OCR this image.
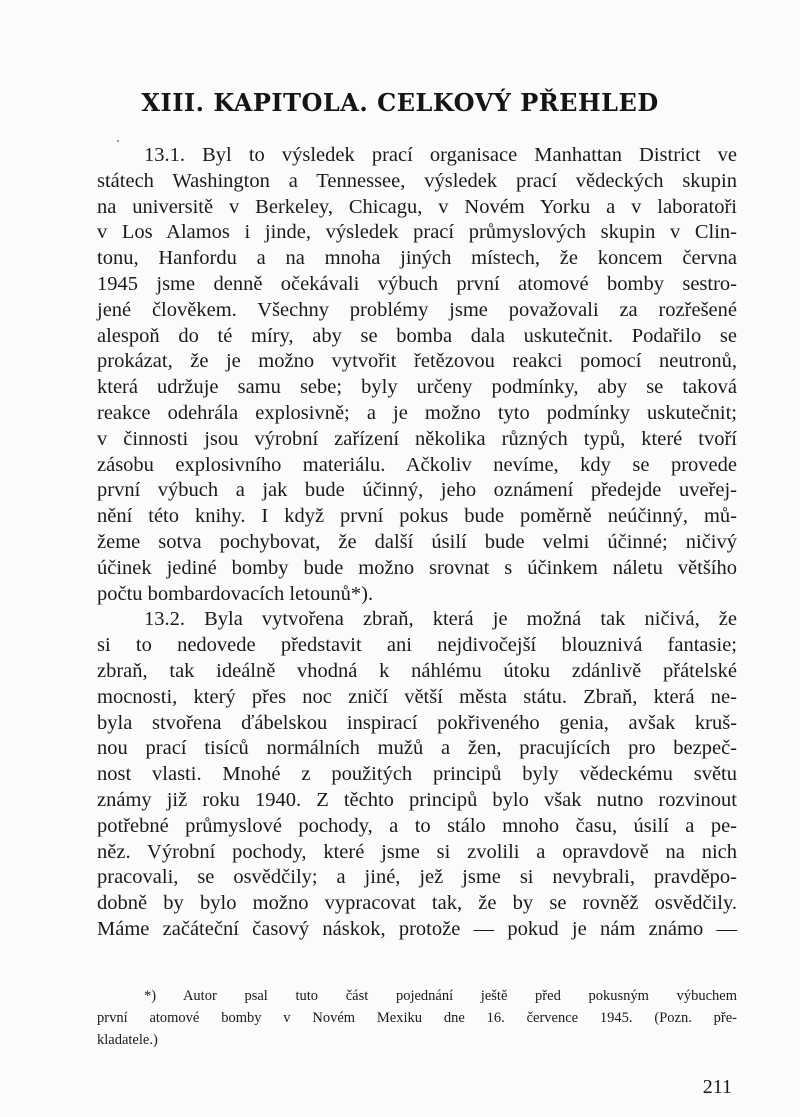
XIII. KAPITOLA. CELKOVÝ PŘEHLED

13.1. Byl to výsledek prací organisace Manhattan District ve
státech Washington a Tennessee, výsledek prací vědeckých skupin
na universitě v Berkeley, Chicagu, v Novém Yorku a v laboratoři
v Los Alamos i jinde, výsledek prací průmyslových skupin v Clin-
tonu, Hanfordu a na mnoha jiných místech, že koncem června
1945 jsme denně očekávali výbuch první atomové bomby sestro-
jené člověkem. Všechny problémy jsme považovali za rozřešené
alespoň do té míry, aby se bomba dala uskutečnit. Podařilo se
prokázat, že je možno vytvořit řetězovou reakci pomocí neutronů,
která udržuje samu sebe; byly určeny podmínky, aby se taková
reakce odehrála explosivně; a je možno tyto podmínky uskutečnit;
v činnosti jsou výrobní zařízení několika různých typů, které tvoří
zásobu explosivního materiálu. Ačkoliv nevíme, kdy se provede
první výbuch a jak bude účinný, jeho oznámení předejde uveřej-
nění této knihy. I když první pokus bude poměrně neúčinný, mů-
žeme sotva pochybovat, že další úsilí bude velmi účinné; ničivý
účinek jediné bomby bude možno srovnat s účinkem náletu většího
počtu bombardovacích letounů*).

13.2. Byla vytvořena zbraň, která je možná tak ničivá, že
si to nedovede představit ani nejdivočejší blouznivá fantasie;
zbraň, tak ideálně vhodná k náhlému útoku zdánlivě přátelské
mocnosti, který přes noc zničí větší města státu. Zbraň, která ne-
byla stvořena ďábelskou inspirací pokřiveného genia, avšak kruš-
nou prací tisíců normálních mužů a žen, pracujících pro bezpeč-
nost vlasti. Mnohé z použitých principů byly vědeckému světu
známy již roku 1940. Z těchto principů bylo však nutno rozvinout
potřebné průmyslové pochody, a to stálo mnoho času, úsilí a pe-
něz. Výrobní pochody, které jsme si zvolili a opravdově na nich
pracovali, se osvědčily; a jiné, jež jsme si nevybrali, pravděpo-
dobně by bylo možno vypracovat tak, že by se rovněž osvědčily.
Máme začáteční časový náskok, protože — pokud je nám známo —

*) Autor psal tuto část pojednání ještě před pokusným výbuchem
první atomové bomby v Novém Mexiku dne 16. července 1945. (Pozn. pře-
kladatele.)
211
